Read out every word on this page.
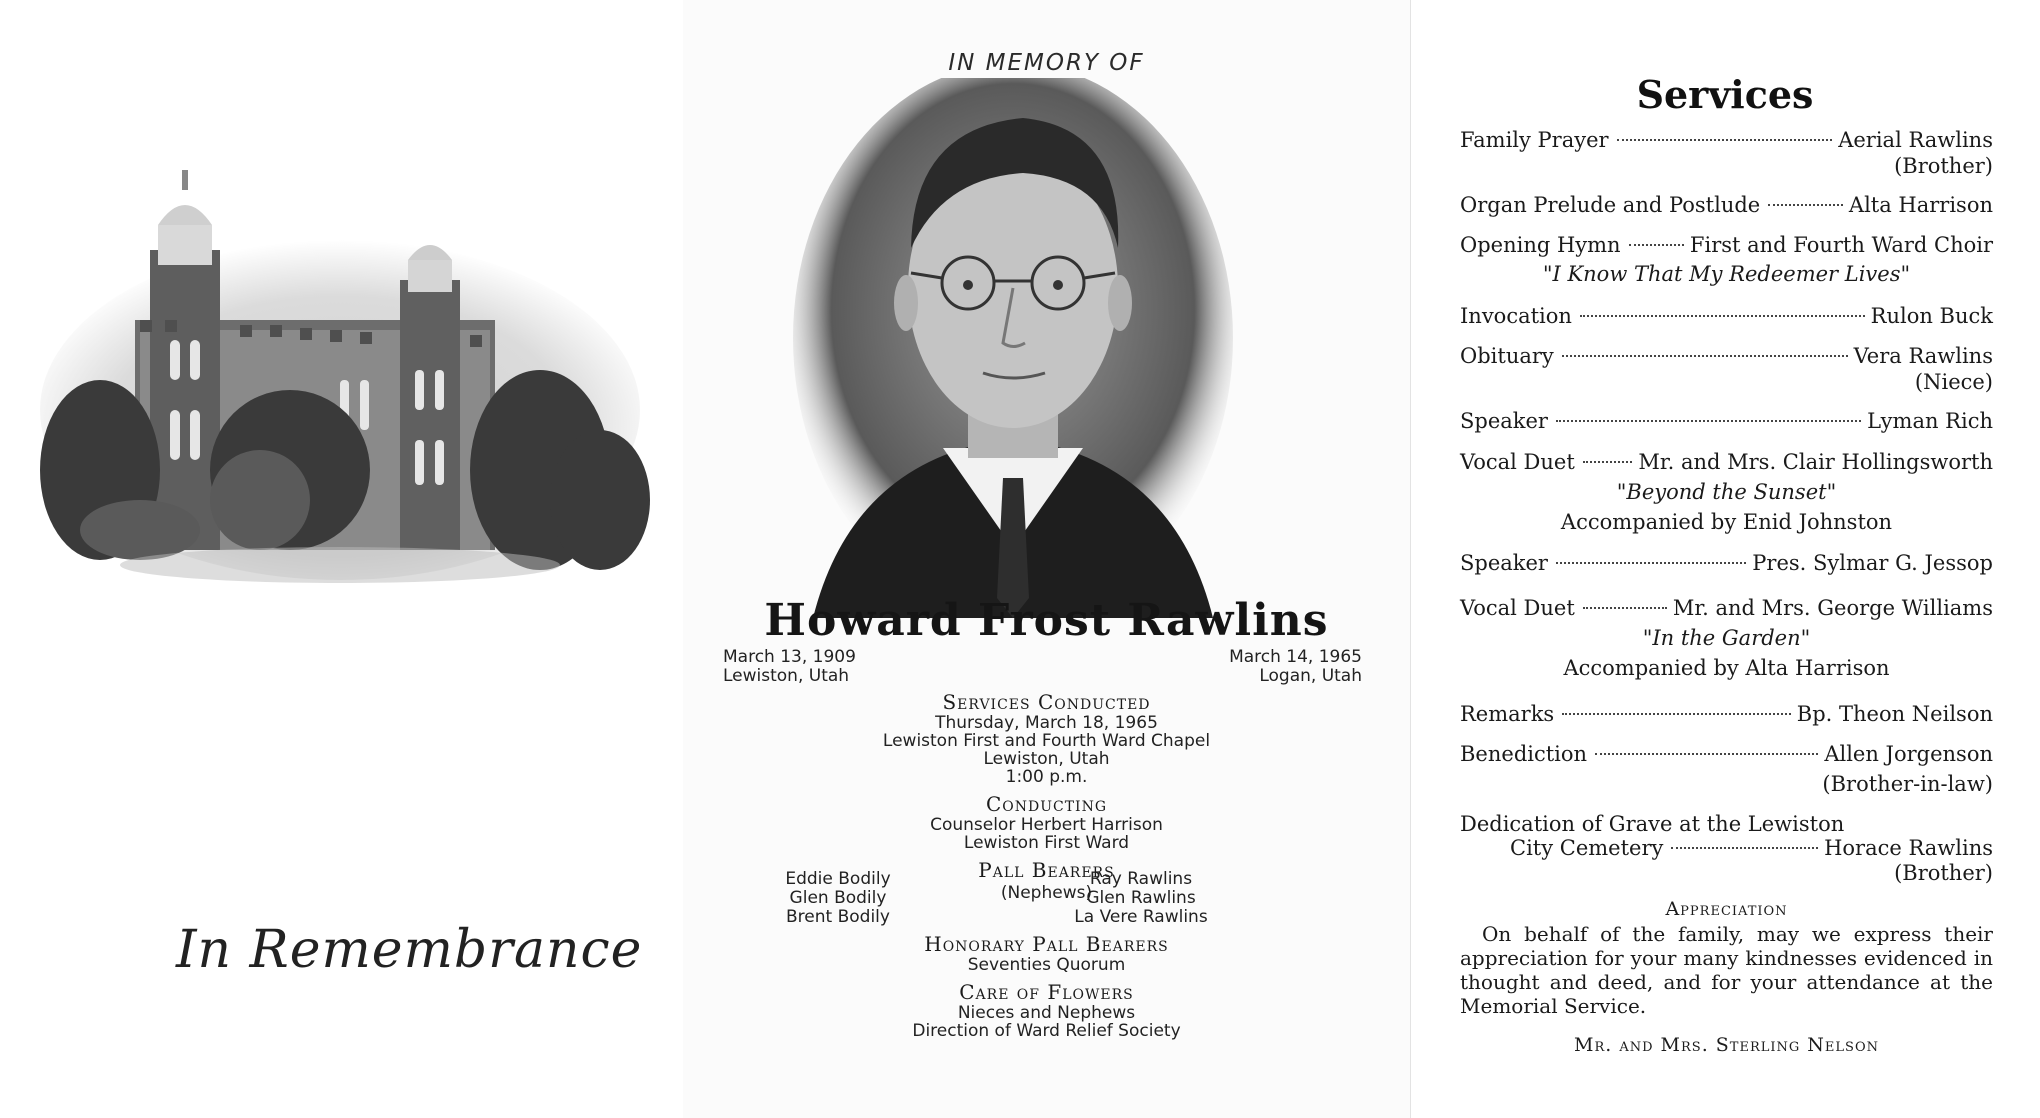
In Remembrance
IN MEMORY OF
Howard Frost Rawlins
March 13, 1909
Lewiston, Utah
March 14, 1965
Logan, Utah
Services Conducted
Thursday, March 18, 1965
Lewiston First and Fourth Ward Chapel
Lewiston, Utah
1:00 p.m.
Conducting
Counselor Herbert Harrison
Lewiston First Ward
Pall Bearers
(Nephews)
Eddie Bodily
Glen Bodily
Brent Bodily
Ray Rawlins
Glen Rawlins
La Vere Rawlins
Honorary Pall Bearers
Seventies Quorum
Care of Flowers
Nieces and Nephews
Direction of Ward Relief Society
Services
Family Prayer	Aerial Rawlins
(Brother)
Organ Prelude and Postlude	Alta Harrison
Opening Hymn	First and Fourth Ward Choir
"I Know That My Redeemer Lives"
Invocation	Rulon Buck
Obituary	Vera Rawlins
(Niece)
Speaker	Lyman Rich
Vocal Duet	Mr. and Mrs. Clair Hollingsworth
"Beyond the Sunset"
Accompanied by Enid Johnston
Speaker	Pres. Sylmar G. Jessop
Vocal Duet	Mr. and Mrs. George Williams
"In the Garden"
Accompanied by Alta Harrison
Remarks	Bp. Theon Neilson
Benediction	Allen Jorgenson
(Brother-in-law)
Dedication of Grave at the Lewiston
City Cemetery	Horace Rawlins
(Brother)
Appreciation
On behalf of the family, may we express their appreciation for your many kindnesses evidenced in thought and deed, and for your attendance at the Memorial Service.
Mr. and Mrs. Sterling Nelson
